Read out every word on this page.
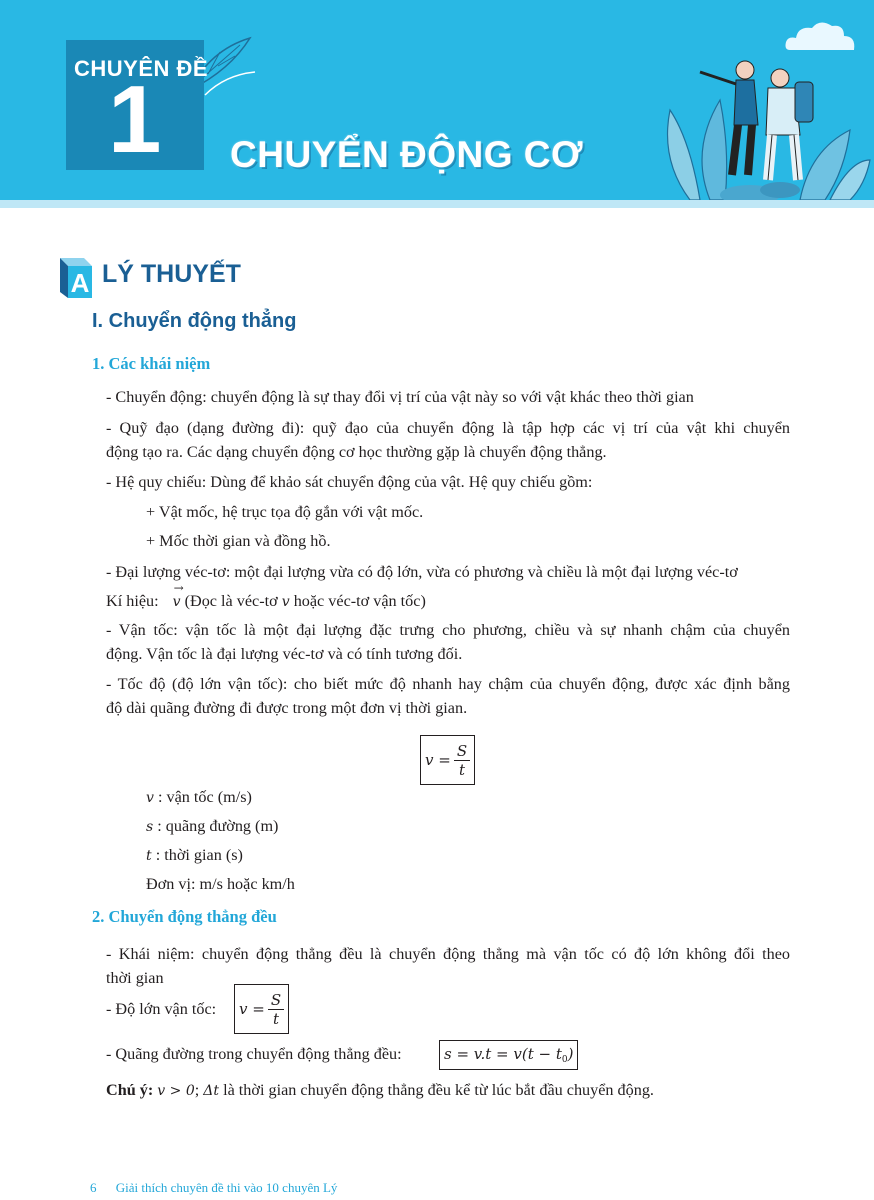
CHUYÊN ĐỀ
1 CHUYỂN ĐỘNG CƠ
A LÝ THUYẾT
I. Chuyển động thẳng
1. Các khái niệm
- Chuyển động: chuyển động là sự thay đổi vị trí của vật này so với vật khác theo thời gian
- Quỹ đạo (dạng đường đi): quỹ đạo của chuyển động là tập hợp các vị trí của vật khi chuyển
động tạo ra. Các dạng chuyển động cơ học thường gặp là chuyển động thẳng.
- Hệ quy chiếu: Dùng để khảo sát chuyển động của vật. Hệ quy chiếu gồm:
+ Vật mốc, hệ trục tọa độ gắn với vật mốc.
+ Mốc thời gian và đồng hồ.
- Đại lượng véc-tơ: một đại lượng vừa có độ lớn, vừa có phương và chiều là một đại lượng véc-tơ
Kí hiệu:
→
v (Đọc là véc-tơ v hoặc véc-tơ vận tốc)
- Vận tốc: vận tốc là một đại lượng đặc trưng cho phương, chiều và sự nhanh chậm của chuyển
động. Vận tốc là đại lượng véc-tơ và có tính tương đối.
- Tốc độ (độ lớn vận tốc): cho biết mức độ nhanh hay chậm của chuyển động, được xác định bằng
độ dài quãng đường đi được trong một đơn vị thời gian.
$v = \frac{S}{t}$
v : vận tốc (m/s)
s : quãng đường (m)
t : thời gian (s)
Đơn vị: m/s hoặc km/h
2. Chuyển động thẳng đều
- Khái niệm: chuyển động thẳng đều là chuyển động thẳng mà vận tốc có độ lớn không đổi theo
thời gian
- Độ lớn vận tốc: $v = \frac{S}{t}$
- Quãng đường trong chuyển động thẳng đều:	$s = v.t = v(t - t_0)$
Chú ý: v > 0; Δt là thời gian chuyển động thẳng đều kể từ lúc bắt đầu chuyển động.
6 Giải thích chuyên đề thi vào 10 chuyên Lý
